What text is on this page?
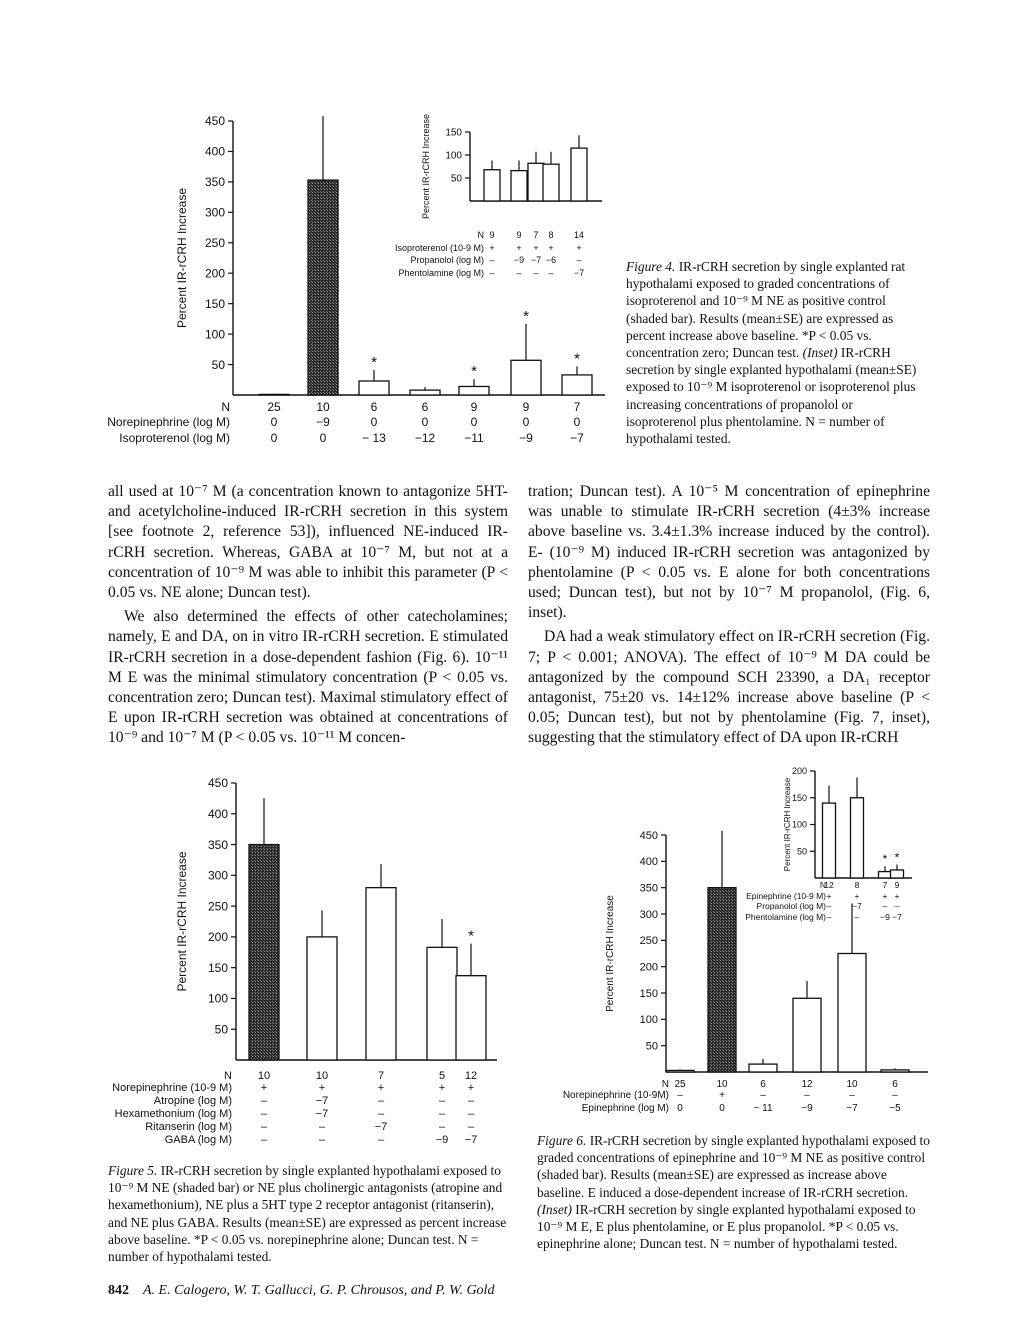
50
100
150
200
250
300
350
400
450
Percent IR-rCRH Increase
*
*
*
*
N	25	10	6	6	9	9	7
Norepinephrine (log M)	0	−9	0	0	0	0	0
Isoproterenol (log M)	0	0	− 13 −12 −11	−9	−7
50
100
150
Percent IR-rCRH Increase
N 9 9 7 8 14
Isoproterenol (10-9 M) + + + +	+
Propanolol (log M) – −9 −7 −6 –
Phentolamine (log M) – – – – −7
50
100
150
200
250
300
350
400
450
Percent IR-rCRH Increase	*
N 10	10	7	5 12
Norepinephrine (10-9 M)	+	+	+	+ +
Atropine (log M)	–	−7	–	– –
Hexamethonium (log M)	–	−7	–	– –
Ritanserin (log M)	–	–	−7	– –
GABA (log M)	–	–	–	−9 −7
50
100
150
200
250
300
350
400
450
Percent IR-rCRH Increase
N 25	10	6	12	10	6
Norepinephrine (10-9M) –	+	–	–	–	–
Epinephrine (log M) 0	0	− 11	−9	−7	−5
50
100
150
200
Percent IR-rCRH Increase	* *
N
12 8	7 9
Epinephrine (10-9 M) +	+	+ +
Propanolol (log M) – −7 – –
Phentolamine (log M) –	– −9 −7
Figure 4. IR-rCRH secretion by single explanted rat hypothalami exposed to graded concentrations of isoproterenol and 10⁻⁹ M NE as positive control (shaded bar). Results (mean±SE) are expressed as percent increase above baseline. *P < 0.05 vs. concentration zero; Duncan test. (Inset) IR-rCRH secretion by single explanted hypothalami (mean±SE) exposed to 10⁻⁹ M isoproterenol or isoproterenol plus increasing concentrations of propanolol or isoproterenol plus phentolamine. N = number of hypothalami tested.

all used at 10⁻⁷ M (a concentration known to antagonize 5HT- and acetylcholine-induced IR-rCRH secretion in this system [see footnote 2, reference 53]), influenced NE-induced IR-rCRH secretion. Whereas, GABA at 10⁻⁷ M, but not at a concentration of 10⁻⁹ M was able to inhibit this parameter (P < 0.05 vs. NE alone; Duncan test).

We also determined the effects of other catecholamines; namely, E and DA, on in vitro IR-rCRH secretion. E stimulated IR-rCRH secretion in a dose-dependent fashion (Fig. 6). 10⁻¹¹ M E was the minimal stimulatory concentration (P < 0.05 vs. concentration zero; Duncan test). Maximal stimulatory effect of E upon IR-rCRH secretion was obtained at concentrations of 10⁻⁹ and 10⁻⁷ M (P < 0.05 vs. 10⁻¹¹ M concen-

tration; Duncan test). A 10⁻⁵ M concentration of epinephrine was unable to stimulate IR-rCRH secretion (4±3% increase above baseline vs. 3.4±1.3% increase induced by the control). E- (10⁻⁹ M) induced IR-rCRH secretion was antagonized by phentolamine (P < 0.05 vs. E alone for both concentrations used; Duncan test), but not by 10⁻⁷ M propanolol, (Fig. 6, inset).

DA had a weak stimulatory effect on IR-rCRH secretion (Fig. 7; P < 0.001; ANOVA). The effect of 10⁻⁹ M DA could be antagonized by the compound SCH 23390, a DA₁ receptor antagonist, 75±20 vs. 14±12% increase above baseline (P < 0.05; Duncan test), but not by phentolamine (Fig. 7, inset), suggesting that the stimulatory effect of DA upon IR-rCRH

Figure 5. IR-rCRH secretion by single explanted hypothalami exposed to 10⁻⁹ M NE (shaded bar) or NE plus cholinergic antagonists (atropine and hexamethonium), NE plus a 5HT type 2 receptor antagonist (ritanserin), and NE plus GABA. Results (mean±SE) are expressed as percent increase above baseline. *P < 0.05 vs. norepinephrine alone; Duncan test. N = number of hypothalami tested.
Figure 6. IR-rCRH secretion by single explanted hypothalami exposed to graded concentrations of epinephrine and 10⁻⁹ M NE as positive control (shaded bar). Results (mean±SE) are expressed as increase above baseline. E induced a dose-dependent increase of IR-rCRH secretion. (Inset) IR-rCRH secretion by single explanted hypothalami exposed to 10⁻⁹ M E, E plus phentolamine, or E plus propanolol. *P < 0.05 vs. epinephrine alone; Duncan test. N = number of hypothalami tested.
842 A. E. Calogero, W. T. Gallucci, G. P. Chrousos, and P. W. Gold
